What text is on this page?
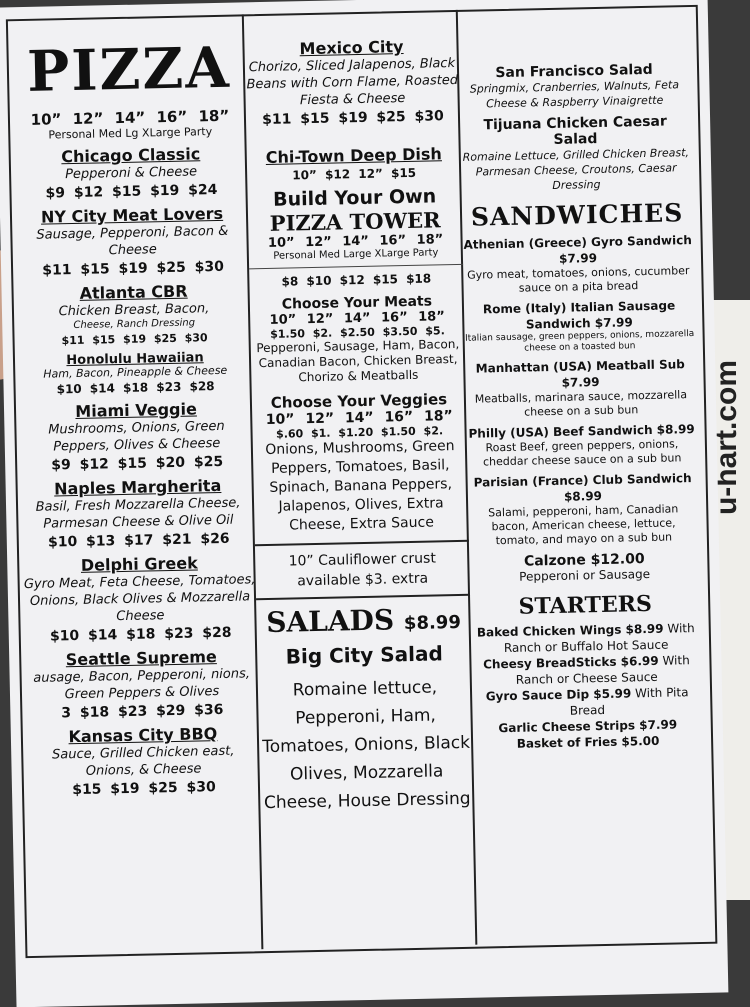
u-hart.com
PIZZA
10” 12” 14” 16” 18”
Personal Med Lg XLarge Party
Chicago Classic
Pepperoni & Cheese
$9 $12 $15 $19 $24
NY City Meat Lovers
Sausage, Pepperoni, Bacon & Cheese
$11 $15 $19 $25 $30
Atlanta CBR
Chicken Breast, Bacon,
Cheese, Ranch Dressing
$11 $15 $19 $25 $30
Honolulu Hawaiian
Ham, Bacon, Pineapple & Cheese
$10 $14 $18 $23 $28
Miami Veggie
Mushrooms, Onions, Green Peppers, Olives & Cheese
$9 $12 $15 $20 $25
Naples Margherita
Basil, Fresh Mozzarella Cheese, Parmesan Cheese & Olive Oil
$10 $13 $17 $21 $26
Delphi Greek
Gyro Meat, Feta Cheese, Tomatoes, Onions, Black Olives & Mozzarella Cheese
$10 $14 $18 $23 $28
Seattle Supreme
ausage, Bacon, Pepperoni, nions, Green Peppers & Olives
3 $18 $23 $29 $36
Kansas City BBQ
Sauce, Grilled Chicken east, Onions, & Cheese
$15 $19 $25 $30
Mexico City
Chorizo, Sliced Jalapenos, Black Beans with Corn Flame, Roasted Fiesta & Cheese
$11 $15 $19 $25 $30
Chi-Town Deep Dish
10” $12 12” $15
Build Your Own
PIZZA TOWER
10” 12” 14” 16” 18”
Personal Med Large XLarge Party
$8 $10 $12 $15 $18
Choose Your Meats
10” 12” 14” 16” 18”
$1.50 $2. $2.50 $3.50 $5.
Pepperoni, Sausage, Ham, Bacon, Canadian Bacon, Chicken Breast, Chorizo & Meatballs
Choose Your Veggies
10” 12” 14” 16” 18”
$.60 $1. $1.20 $1.50 $2.
Onions, Mushrooms, Green Peppers, Tomatoes, Basil, Spinach, Banana Peppers, Jalapenos, Olives, Extra Cheese, Extra Sauce
10” Cauliflower crust available $3. extra
SALADS $8.99
Big City Salad
Romaine lettuce, Pepperoni, Ham, Tomatoes, Onions, Black Olives, Mozzarella Cheese, House Dressing
San Francisco Salad
Springmix, Cranberries, Walnuts, Feta Cheese & Raspberry Vinaigrette
Tijuana Chicken Caesar Salad
Romaine Lettuce, Grilled Chicken Breast, Parmesan Cheese, Croutons, Caesar Dressing
SANDWICHES
Athenian (Greece) Gyro Sandwich $7.99
Gyro meat, tomatoes, onions, cucumber sauce on a pita bread
Rome (Italy) Italian Sausage Sandwich $7.99
Italian sausage, green peppers, onions, mozzarella cheese on a toasted bun
Manhattan (USA) Meatball Sub $7.99
Meatballs, marinara sauce, mozzarella cheese on a sub bun
Philly (USA) Beef Sandwich $8.99
Roast Beef, green peppers, onions, cheddar cheese sauce on a sub bun
Parisian (France) Club Sandwich $8.99
Salami, pepperoni, ham, Canadian bacon, American cheese, lettuce, tomato, and mayo on a sub bun
Calzone $12.00
Pepperoni or Sausage
STARTERS
Baked Chicken Wings $8.99 With Ranch or Buffalo Hot Sauce
Cheesy BreadSticks $6.99 With Ranch or Cheese Sauce
Gyro Sauce Dip $5.99 With Pita Bread
Garlic Cheese Strips $7.99
Basket of Fries $5.00
